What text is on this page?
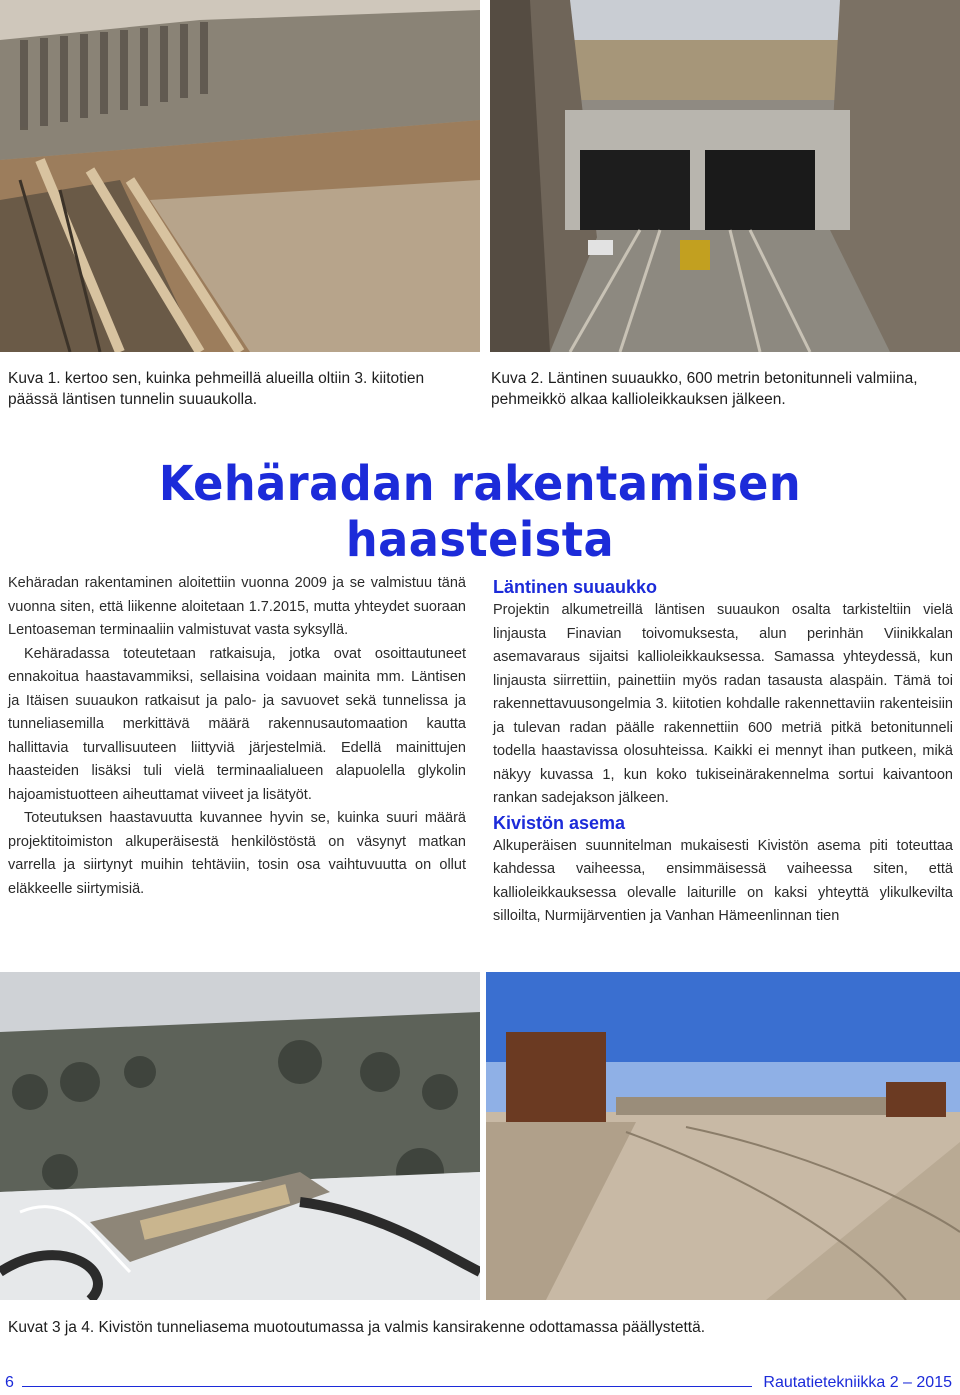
Kuva 1. kertoo sen, kuinka pehmeillä alueilla oltiin 3. kiitotien päässä läntisen tunnelin suuaukolla.
Kuva 2. Läntinen suuaukko, 600 metrin betonitunneli valmiina, pehmeikkö alkaa kallioleikkauksen jälkeen.
Kehäradan rakentamisen haasteista

Kehäradan rakentaminen aloitettiin vuonna 2009 ja se valmistuu tänä vuonna siten, että liikenne aloitetaan 1.7.2015, mutta yhteydet suoraan Lentoaseman terminaaliin valmistuvat vasta syksyllä.

Kehäradassa toteutetaan ratkaisuja, jotka ovat osoittautuneet ennakoitua haastavammiksi, sellaisina voidaan mainita mm. Läntisen ja Itäisen suuaukon ratkaisut ja palo- ja savuovet sekä tunnelissa ja tunneliasemilla merkittävä määrä rakennusautomaation kautta hallittavia turvallisuuteen liittyviä järjestelmiä. Edellä mainittujen haasteiden lisäksi tuli vielä terminaalialueen alapuolella glykolin hajoamistuotteen aiheuttamat viiveet ja lisätyöt.

Toteutuksen haastavuutta kuvannee hyvin se, kuinka suuri määrä projektitoimiston alkuperäisestä henkilöstöstä on väsynyt matkan varrella ja siirtynyt muihin tehtäviin, tosin osa vaihtuvuutta on ollut eläkkeelle siirtymisiä.

Läntinen suuaukko

Projektin alkumetreillä läntisen suuaukon osalta tarkisteltiin vielä linjausta Finavian toivomuksesta, alun perinhän Viinikkalan asemavaraus sijaitsi kallioleikkauksessa. Samassa yhteydessä, kun linjausta siirrettiin, painettiin myös radan tasausta alaspäin. Tämä toi rakennettavuusongelmia 3. kiitotien kohdalle rakennettaviin rakenteisiin ja tulevan radan päälle rakennettiin 600 metriä pitkä betonitunneli todella haastavissa olosuhteissa. Kaikki ei mennyt ihan putkeen, mikä näkyy kuvassa 1, kun koko tukiseinärakennelma sortui kaivantoon rankan sadejakson jälkeen.

Kivistön asema

Alkuperäisen suunnitelman mukaisesti Kivistön asema piti toteuttaa kahdessa vaiheessa, ensimmäisessä vaiheessa siten, että kallioleikkauksessa olevalle laiturille on kaksi yhteyttä ylikulkevilta silloilta, Nurmijärventien ja Vanhan Hämeenlinnan tien

Kuvat 3 ja 4. Kivistön tunneliasema muotoutumassa ja valmis kansirakenne odottamassa päällystettä.
6	Rautatietekniikka 2 – 2015
